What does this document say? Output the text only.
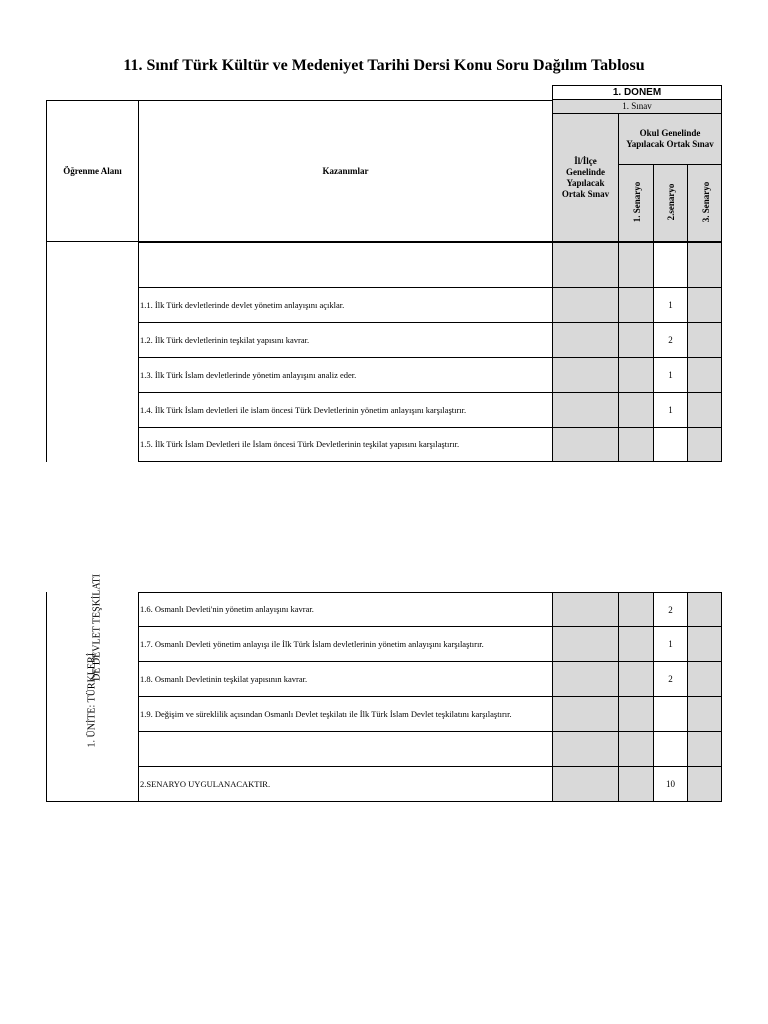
11. Sınıf Türk Kültür ve Medeniyet Tarihi Dersi Konu Soru Dağılım Tablosu
1. DONEM
1. Sınav
Öğrenme Alanı	Kazanımlar
İl/İlçe
Genelinde
Yapılacak
Ortak Sınav
Okul Genelinde
Yapılacak Ortak Sınav
1. Senaryo	2.senaryo	3. Senaryo
DE DEVLET TEŞKİLATI
1.1. İlk Türk devletlerinde devlet yönetim anlayışını açıklar.	1
1.2. İlk Türk devletlerinin teşkilat yapısını kavrar.	2
1.3. İlk Türk İslam devletlerinde yönetim anlayışını analiz eder.	1
1.4. İlk Türk İslam devletleri ile islam öncesi Türk Devletlerinin yönetim anlayışını karşılaştırır.	1
1.5. İlk Türk İslam Devletleri ile İslam öncesi Türk Devletlerinin teşkilat yapısını karşılaştırır.
1. ÜNİTE: TÜRKLERİ
1.6. Osmanlı Devleti'nin yönetim anlayışını kavrar.	2
1.7. Osmanlı Devleti yönetim anlayışı ile İlk Türk İslam devletlerinin yönetim anlayışını karşılaştırır.	1
1.8. Osmanlı Devletinin teşkilat yapısının kavrar.	2
1.9. Değişim ve süreklilik açısından Osmanlı Devlet teşkilatı ile İlk Türk İslam Devlet teşkilatını karşılaştırır.
2.SENARYO UYGULANACAKTIR.	10
